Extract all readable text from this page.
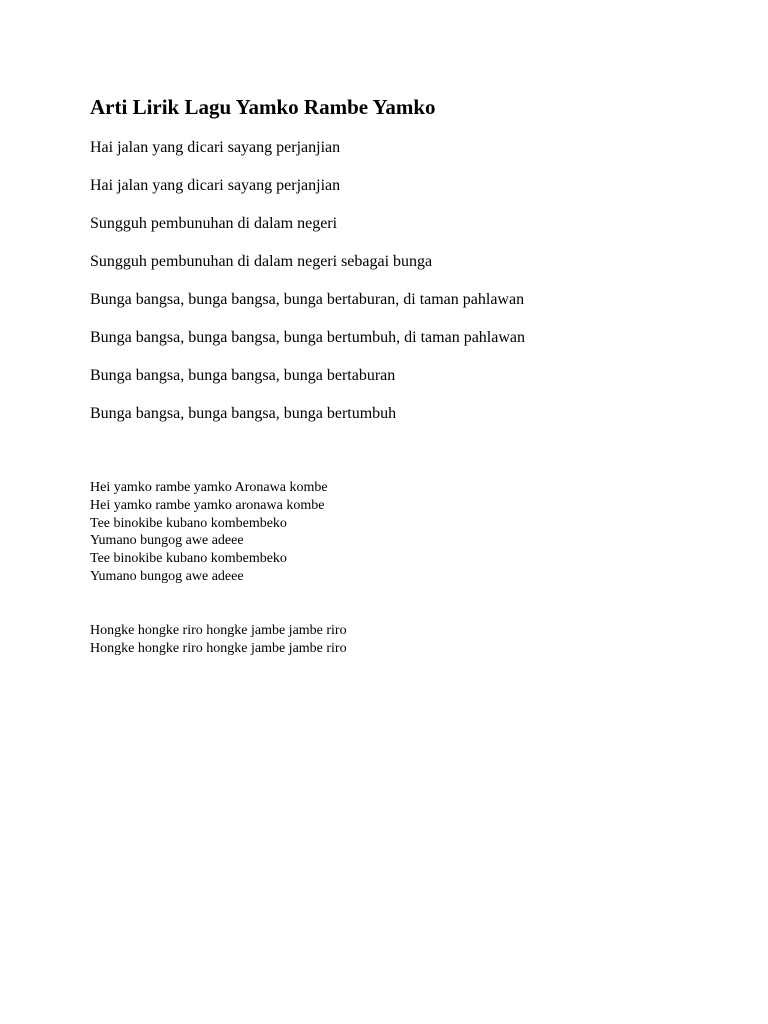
Arti Lirik Lagu Yamko Rambe Yamko

Hai jalan yang dicari sayang perjanjian

Hai jalan yang dicari sayang perjanjian

Sungguh pembunuhan di dalam negeri

Sungguh pembunuhan di dalam negeri sebagai bunga

Bunga bangsa, bunga bangsa, bunga bertaburan, di taman pahlawan

Bunga bangsa, bunga bangsa, bunga bertumbuh, di taman pahlawan

Bunga bangsa, bunga bangsa, bunga bertaburan

Bunga bangsa, bunga bangsa, bunga bertumbuh

Hei yamko rambe yamko Aronawa kombe
Hei yamko rambe yamko aronawa kombe
Tee binokibe kubano kombembeko
Yumano bungog awe adeee
Tee binokibe kubano kombembeko
Yumano bungog awe adeee
Hongke hongke riro hongke jambe jambe riro
Hongke hongke riro hongke jambe jambe riro
